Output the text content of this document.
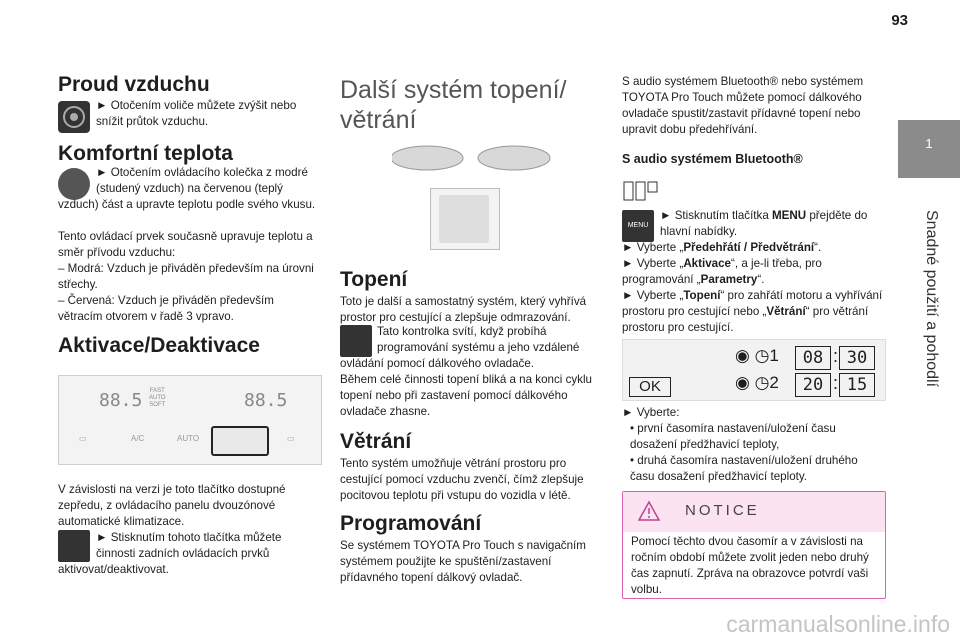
93
1
Snadné použití a pohodlí
Proud vzduchu
► Otočením voliče můžete zvýšit nebo snížit průtok vzduchu.
Komfortní teplota
► Otočením ovládacího kolečka z modré (studený vzduch) na červenou (teplý
vzduch) část a upravte teplotu podle svého vkusu.
Tento ovládací prvek současně upravuje teplotu a směr přívodu vzduchu:
– Modrá: Vzduch je přiváděn především na úrovni střechy.
– Červená: Vzduch je přiváděn především větracím otvorem v řadě 3 vpravo.
Aktivace/Deaktivace
88.5 FAST
AUTO
SOFT	88.5
▭	A/C	AUTO	▭
V závislosti na verzi je toto tlačítko dostupné zepředu, z ovládacího panelu dvouzónové automatické klimatizace.
► Stisknutím tohoto tlačítka můžete činnosti zadních ovládacích prvků
aktivovat/deaktivovat.
Další systém topení/ větrání
Topení
Toto je další a samostatný systém, který vyhřívá prostor pro cestující a zlepšuje odmrazování.
Tato kontrolka svítí, když probíhá programování systému a jeho vzdálené
ovládání pomocí dálkového ovladače.
Během celé činnosti topení bliká a na konci cyklu topení nebo při zastavení pomocí dálkového ovladače zhasne.
Větrání
Tento systém umožňuje větrání prostoru pro cestující pomocí vzduchu zvenčí, čímž zlepšuje pocitovou teplotu při vstupu do vozidla v létě.
Programování
Se systémem TOYOTA Pro Touch s navigačním systémem použijte ke spuštění/zastavení přídavného topení dálkový ovladač.
S audio systémem Bluetooth® nebo systémem TOYOTA Pro Touch můžete pomocí dálkového ovladače spustit/zastavit přídavné topení nebo upravit dobu předehřívání.
S audio systémem Bluetooth®
MENU
► Stisknutím tlačítka MENU přejděte do hlavní nabídky.
► Vyberte „Předehřátí / Předvětrání“.
► Vyberte „Aktivace“, a je-li třeba, pro programování „Parametry“.
► Vyberte „Topení“ pro zahřátí motoru a vyhřívání prostoru pro cestující nebo „Větrání“ pro větrání prostoru pro cestující.
OK
◉ ◷1	08 : 30
◉ ◷2	20 : 15
► Vyberte:
• první časomíra nastavení/uložení času dosažení předžhavicí teploty,
• druhá časomíra nastavení/uložení druhého času dosažení předžhavicí teploty.
NOTICE
Pomocí těchto dvou časomír a v závislosti na ročním období můžete zvolit jeden nebo druhý čas zapnutí. Zpráva na obrazovce potvrdí vaši volbu.
carmanualsonline.info
